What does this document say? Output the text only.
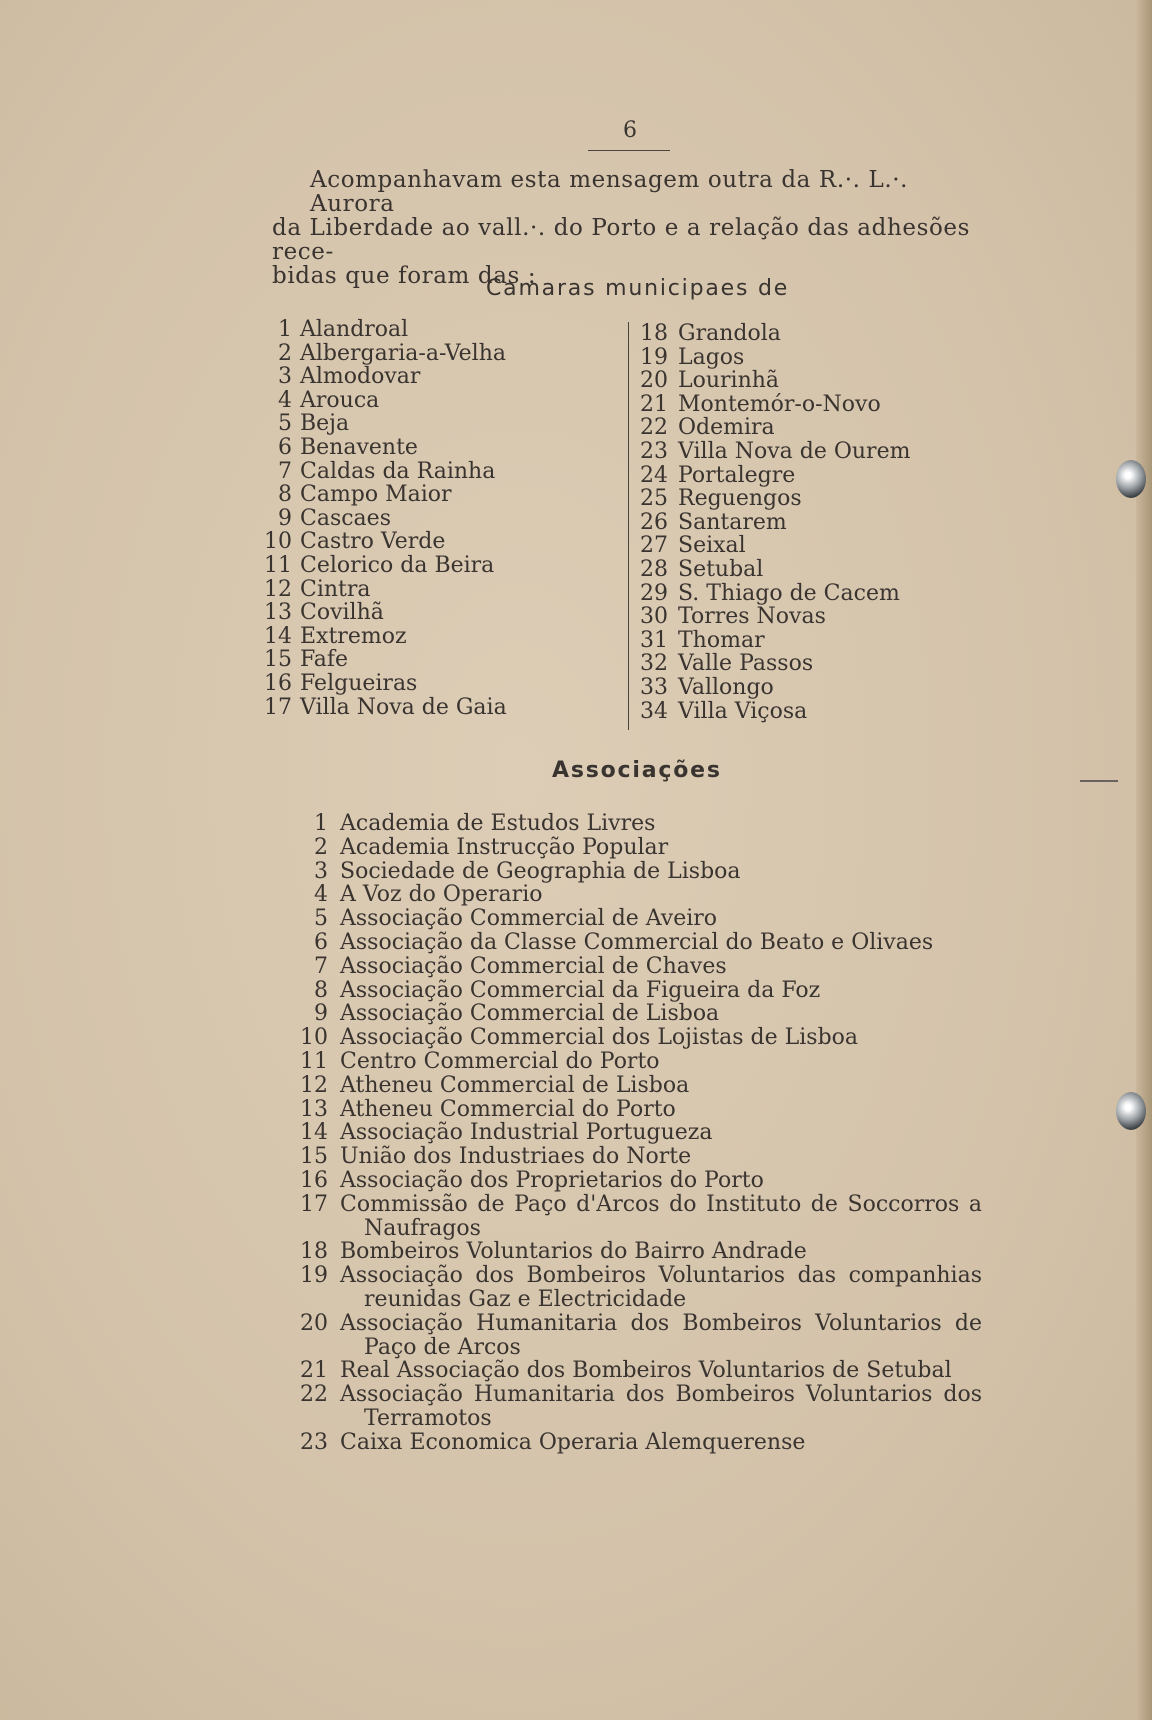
6

Acompanhavam esta mensagem outra da R.·. L.·. Aurora

da Liberdade ao vall.·. do Porto e a relação das adhesões rece-

bidas que foram das :

Camaras municipaes de
1 Alandroal
2 Albergaria-a-Velha
3 Almodovar
4 Arouca
5 Beja
6 Benavente
7 Caldas da Rainha
8 Campo Maior
9 Cascaes
10 Castro Verde
11 Celorico da Beira
12 Cintra
13 Covilhã
14 Extremoz
15 Fafe
16 Felgueiras
17 Villa Nova de Gaia
18 Grandola
19 Lagos
20 Lourinhã
21 Montemór-o-Novo
22 Odemira
23 Villa Nova de Ourem
24 Portalegre
25 Reguengos
26 Santarem
27 Seixal
28 Setubal
29 S. Thiago de Cacem
30 Torres Novas
31 Thomar
32 Valle Passos
33 Vallongo
34 Villa Viçosa
Associações
1 Academia de Estudos Livres
2 Academia Instrucção Popular
3 Sociedade de Geographia de Lisboa
4 A Voz do Operario
5 Associação Commercial de Aveiro
6 Associação da Classe Commercial do Beato e Olivaes
7 Associação Commercial de Chaves
8 Associação Commercial da Figueira da Foz
9 Associação Commercial de Lisboa
10 Associação Commercial dos Lojistas de Lisboa
11 Centro Commercial do Porto
12 Atheneu Commercial de Lisboa
13 Atheneu Commercial do Porto
14 Associação Industrial Portugueza
15 União dos Industriaes do Norte
16 Associação dos Proprietarios do Porto
17 Commissão de Paço d'Arcos do Instituto de Soccorros a
Naufragos
18 Bombeiros Voluntarios do Bairro Andrade
19 Associação dos Bombeiros Voluntarios das companhias
reunidas Gaz e Electricidade
20 Associação Humanitaria dos Bombeiros Voluntarios de
Paço de Arcos
21 Real Associação dos Bombeiros Voluntarios de Setubal
22 Associação Humanitaria dos Bombeiros Voluntarios dos
Terramotos
23 Caixa Economica Operaria Alemquerense
